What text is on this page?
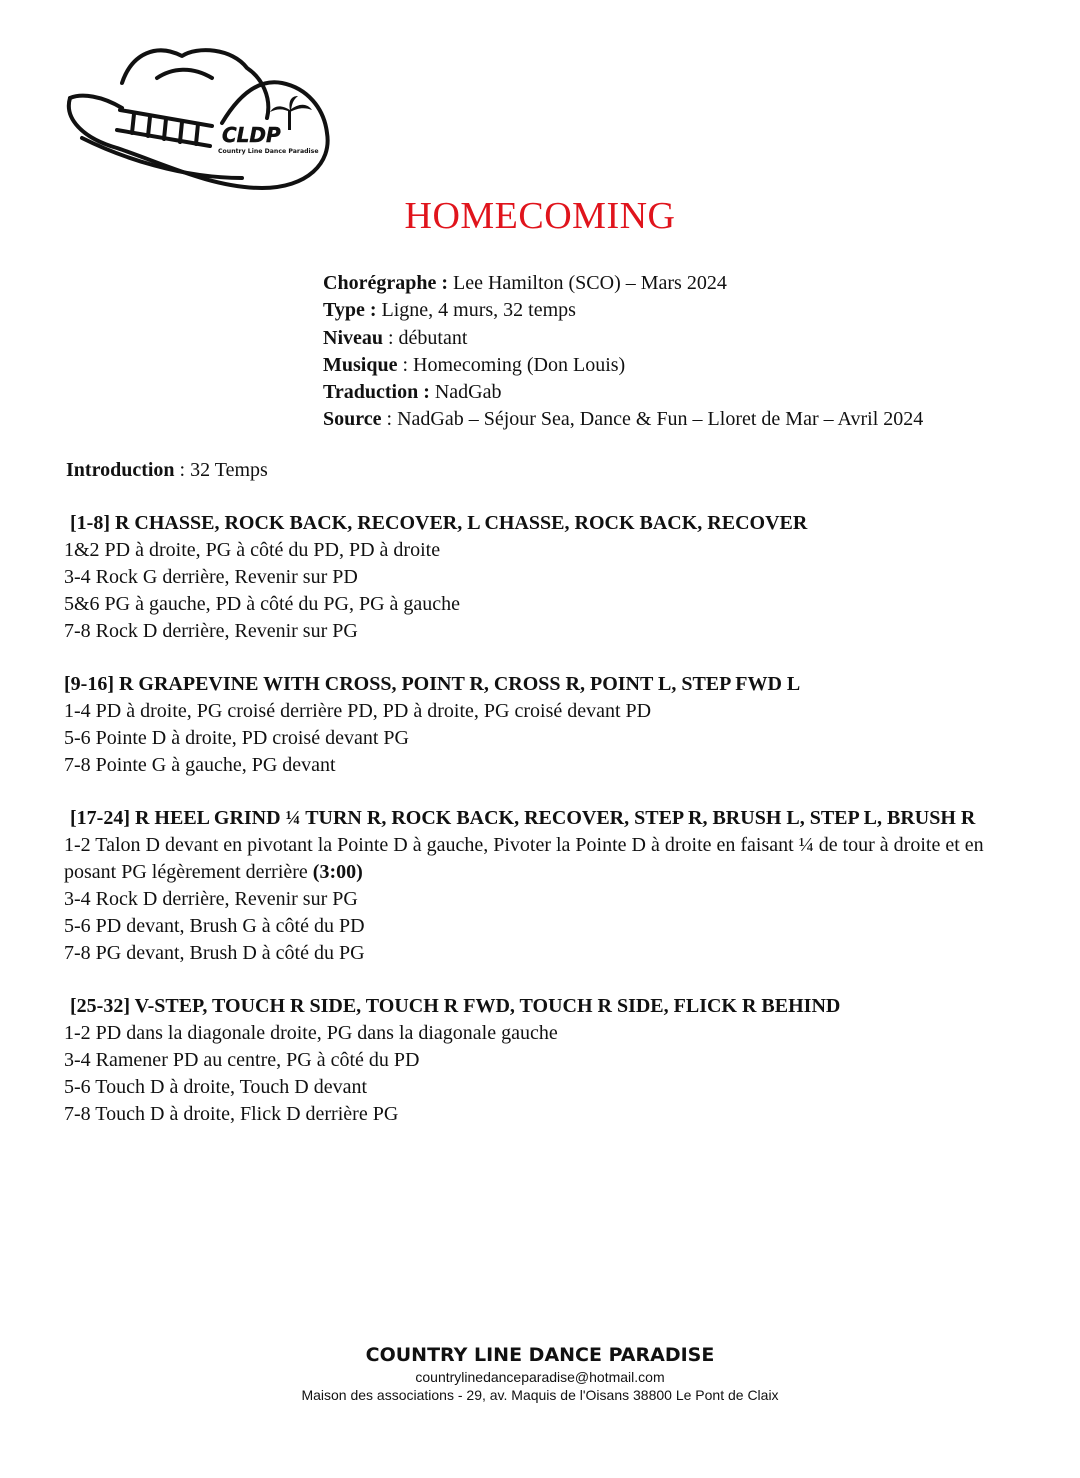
CLDP
Country Line Dance Paradise
HOMECOMING
Chorégraphe : Lee Hamilton (SCO) – Mars 2024
Type : Ligne, 4 murs, 32 temps
Niveau : débutant
Musique : Homecoming (Don Louis)
Traduction : NadGab
Source : NadGab – Séjour Sea, Dance & Fun – Lloret de Mar – Avril 2024
Introduction : 32 Temps
[1-8] R CHASSE, ROCK BACK, RECOVER, L CHASSE, ROCK BACK, RECOVER
1&2 PD à droite, PG à côté du PD, PD à droite
3-4 Rock G derrière, Revenir sur PD
5&6 PG à gauche, PD à côté du PG, PG à gauche
7-8 Rock D derrière, Revenir sur PG
[9-16] R GRAPEVINE WITH CROSS, POINT R, CROSS R, POINT L, STEP FWD L
1-4 PD à droite, PG croisé derrière PD, PD à droite, PG croisé devant PD
5-6 Pointe D à droite, PD croisé devant PG
7-8 Pointe G à gauche, PG devant
[17-24] R HEEL GRIND ¼ TURN R, ROCK BACK, RECOVER, STEP R, BRUSH L, STEP L, BRUSH R
1-2 Talon D devant en pivotant la Pointe D à gauche, Pivoter la Pointe D à droite en faisant ¼ de tour à droite et en posant PG légèrement derrière (3:00)
3-4 Rock D derrière, Revenir sur PG
5-6 PD devant, Brush G à côté du PD
7-8 PG devant, Brush D à côté du PG
[25-32] V-STEP, TOUCH R SIDE, TOUCH R FWD, TOUCH R SIDE, FLICK R BEHIND
1-2 PD dans la diagonale droite, PG dans la diagonale gauche
3-4 Ramener PD au centre, PG à côté du PD
5-6 Touch D à droite, Touch D devant
7-8 Touch D à droite, Flick D derrière PG
COUNTRY LINE DANCE PARADISE
countrylinedanceparadise@hotmail.com
Maison des associations - 29, av. Maquis de l'Oisans 38800 Le Pont de Claix
